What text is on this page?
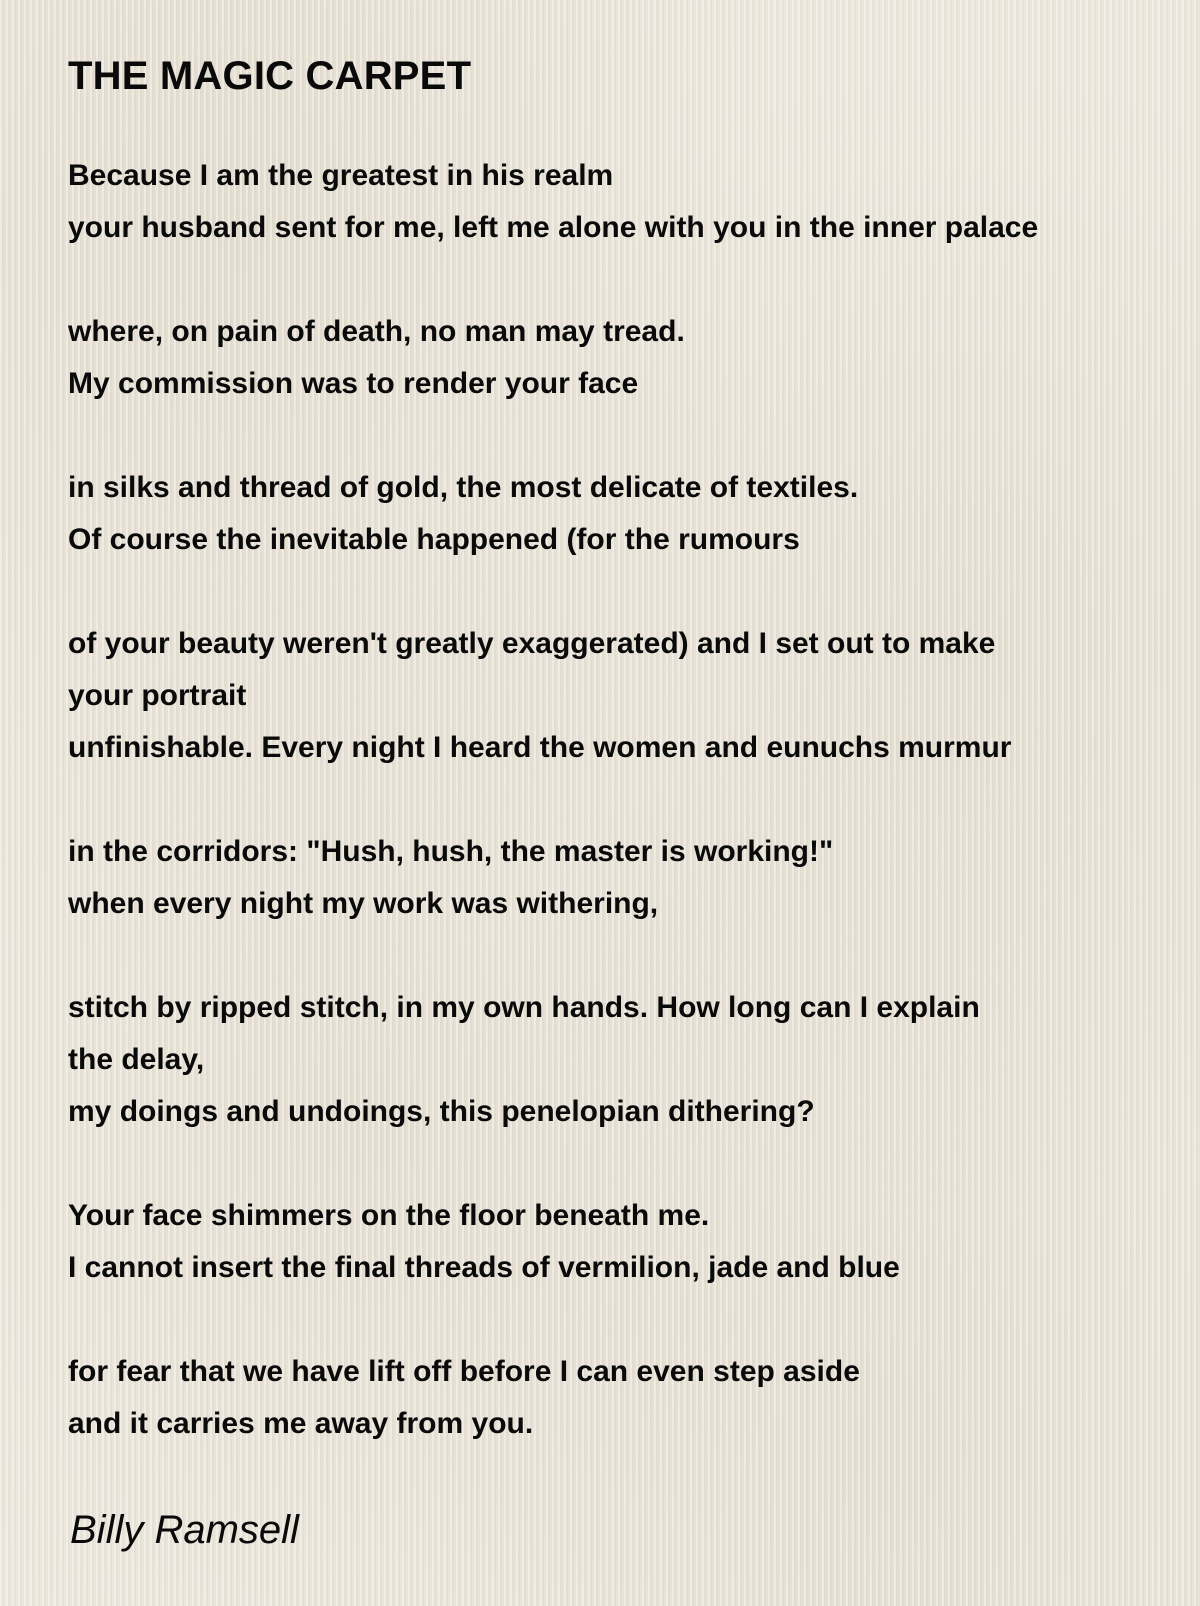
THE MAGIC CARPET
Because I am the greatest in his realm
your husband sent for me, left me alone with you in the inner palace
where, on pain of death, no man may tread.
My commission was to render your face
in silks and thread of gold, the most delicate of textiles.
Of course the inevitable happened (for the rumours
of your beauty weren't greatly exaggerated) and I set out to make
your portrait
unfinishable. Every night I heard the women and eunuchs murmur
in the corridors: "Hush, hush, the master is working!"
when every night my work was withering,
stitch by ripped stitch, in my own hands. How long can I explain
the delay,
my doings and undoings, this penelopian dithering?
Your face shimmers on the floor beneath me.
I cannot insert the final threads of vermilion, jade and blue
for fear that we have lift off before I can even step aside
and it carries me away from you.
Billy Ramsell
